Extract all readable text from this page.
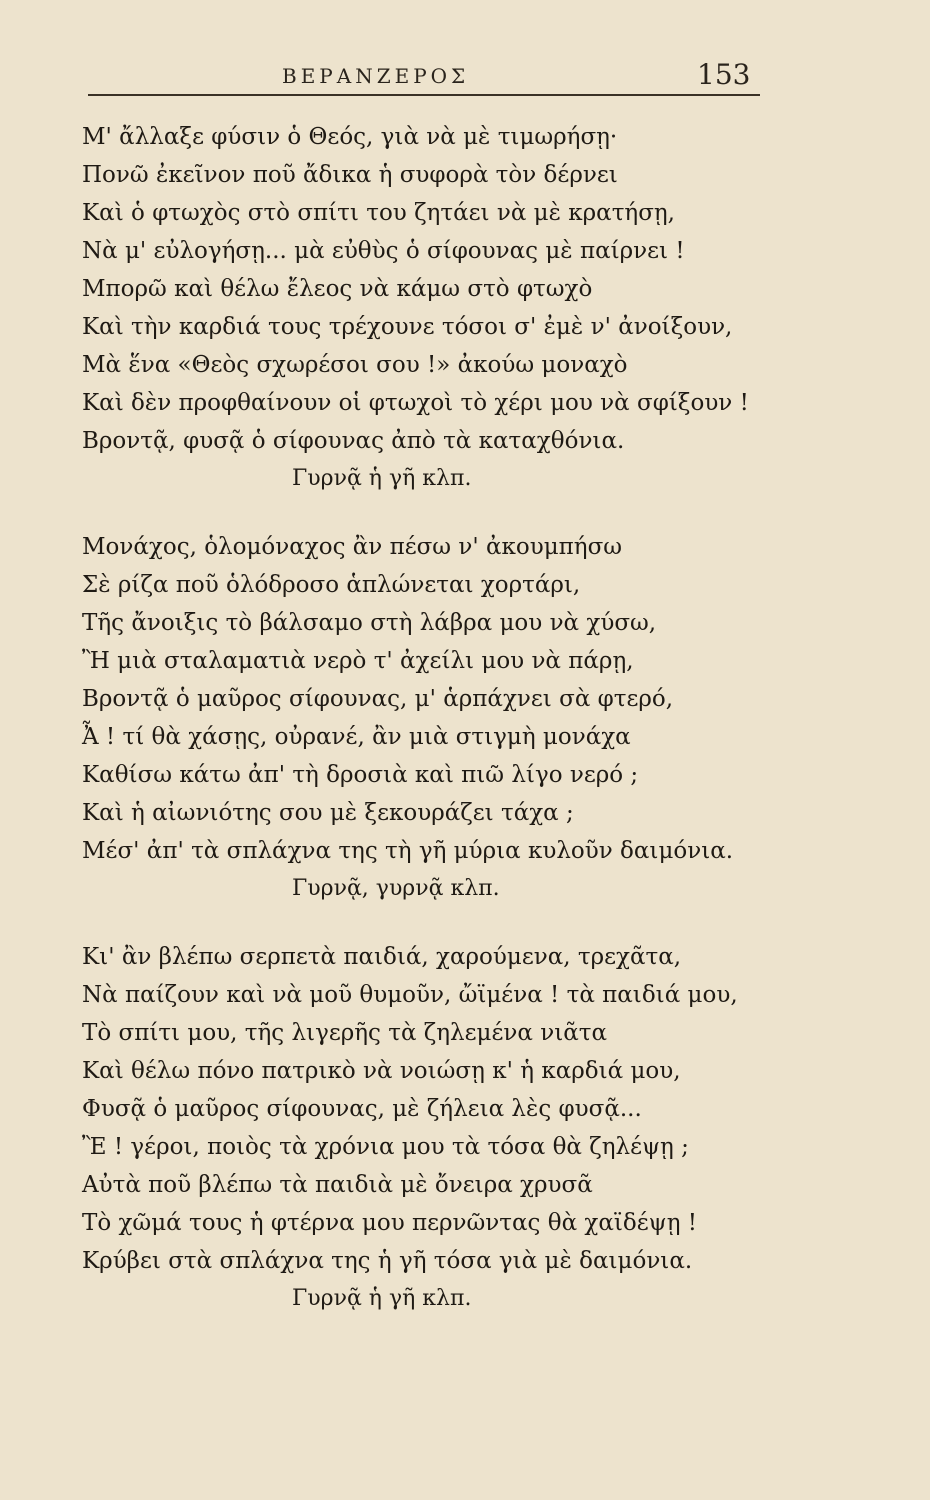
ΒΕΡΑΝΖΕΡΟΣ	153
Μ' ἄλλαξε φύσιν ὁ Θεός, γιὰ νὰ μὲ τιμωρήσῃ·
Πονῶ ἐκεῖνον ποῦ ἄδικα ἡ συφορὰ τὸν δέρνει
Καὶ ὁ φτωχὸς στὸ σπίτι του ζητάει νὰ μὲ κρατήσῃ,
Νὰ μ' εὐλογήσῃ... μὰ εὐθὺς ὁ σίφουνας μὲ παίρνει !
Μπορῶ καὶ θέλω ἔλεος νὰ κάμω στὸ φτωχὸ
Καὶ τὴν καρδιά τους τρέχουνε τόσοι σ' ἐμὲ ν' ἀνοίξουν,
Μὰ ἕνα «Θεὸς σχωρέσοι σου !» ἀκούω μοναχὸ
Καὶ δὲν προφθαίνουν οἱ φτωχοὶ τὸ χέρι μου νὰ σφίξουν !
Βροντᾷ, φυσᾷ ὁ σίφουνας ἀπὸ τὰ καταχθόνια.
Γυρνᾷ ἡ γῆ κλπ.
Μονάχος, ὁλομόναχος ἂν πέσω ν' ἀκουμπήσω
Σὲ ρίζα ποῦ ὁλόδροσο ἁπλώνεται χορτάρι,
Τῆς ἄνοιξις τὸ βάλσαμο στὴ λάβρα μου νὰ χύσω,
Ἢ μιὰ σταλαματιὰ νερὸ τ' ἀχείλι μου νὰ πάρῃ,
Βροντᾷ ὁ μαῦρος σίφουνας, μ' ἁρπάχνει σὰ φτερό,
Ἆ ! τί θὰ χάσῃς, οὐρανέ, ἂν μιὰ στιγμὴ μονάχα
Καθίσω κάτω ἀπ' τὴ δροσιὰ καὶ πιῶ λίγο νερό ;
Καὶ ἡ αἰωνιότης σου μὲ ξεκουράζει τάχα ;
Μέσ' ἀπ' τὰ σπλάχνα της τὴ γῆ μύρια κυλοῦν δαιμόνια.
Γυρνᾷ, γυρνᾷ κλπ.
Κι' ἂν βλέπω σερπετὰ παιδιά, χαρούμενα, τρεχᾶτα,
Νὰ παίζουν καὶ νὰ μοῦ θυμοῦν, ὤϊμένα ! τὰ παιδιά μου,
Τὸ σπίτι μου, τῆς λιγερῆς τὰ ζηλεμένα νιᾶτα
Καὶ θέλω πόνο πατρικὸ νὰ νοιώσῃ κ' ἡ καρδιά μου,
Φυσᾷ ὁ μαῦρος σίφουνας, μὲ ζήλεια λὲς φυσᾷ...
Ἒ ! γέροι, ποιὸς τὰ χρόνια μου τὰ τόσα θὰ ζηλέψῃ ;
Αὐτὰ ποῦ βλέπω τὰ παιδιὰ μὲ ὄνειρα χρυσᾶ
Τὸ χῶμά τους ἡ φτέρνα μου περνῶντας θὰ χαϊδέψῃ !
Κρύβει στὰ σπλάχνα της ἡ γῆ τόσα γιὰ μὲ δαιμόνια.
Γυρνᾷ ἡ γῆ κλπ.
